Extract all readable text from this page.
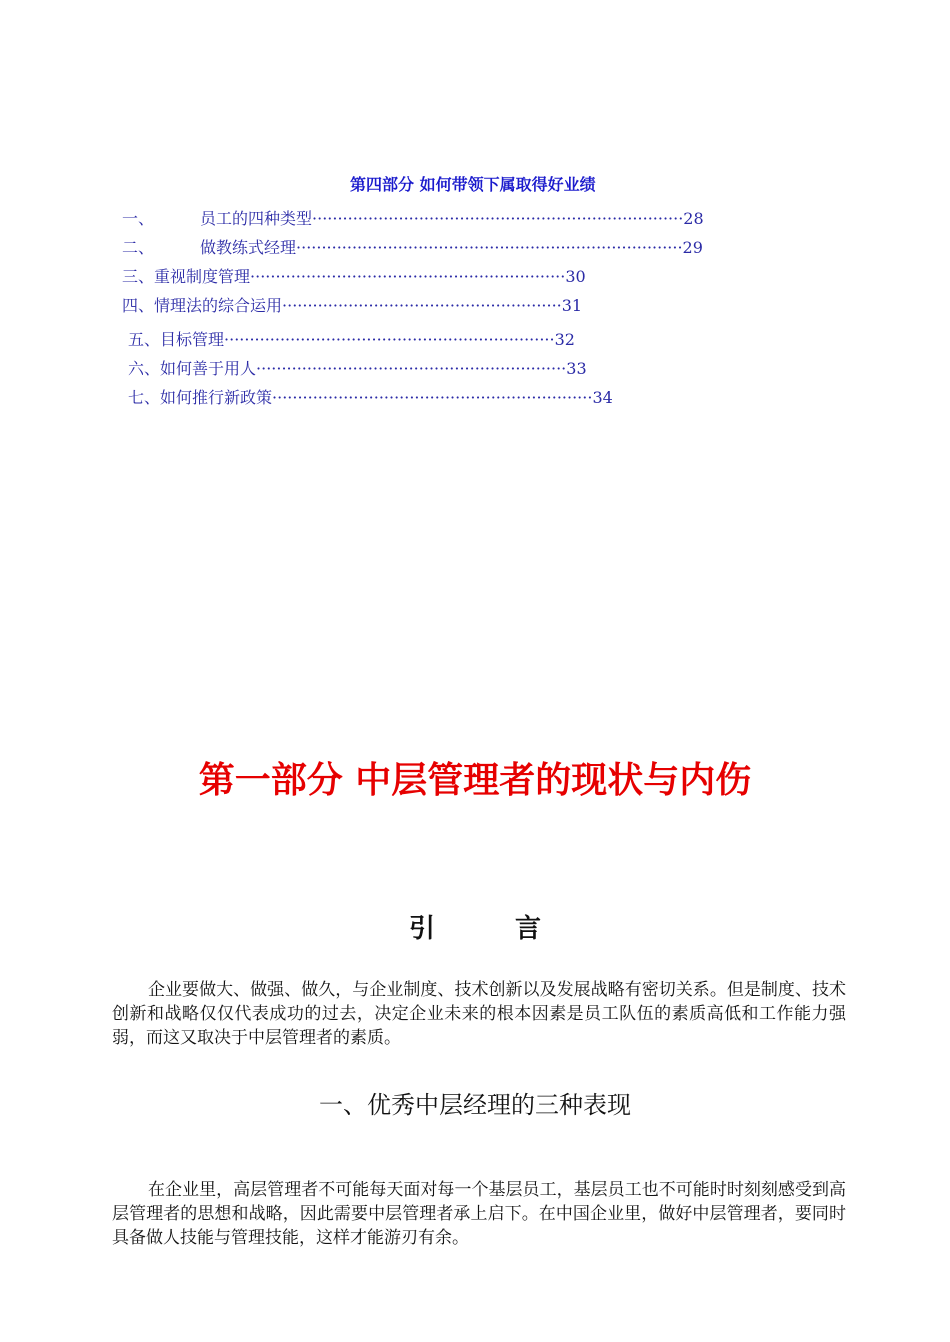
第四部分 如何带领下属取得好业绩
一、	员工的四种类型·········································································28
二、	做教练式经理············································································29
三、重视制度管理······························································30
四、情理法的综合运用·······················································31
五、目标管理·································································32
六、如何善于用人·····························································33
七、如何推行新政策·······························································34
第一部分 中层管理者的现状与内伤
引言

企业要做大、做强、做久，与企业制度、技术创新以及发展战略有密切关系。但是制度、技术创新和战略仅仅代表成功的过去，决定企业未来的根本因素是员工队伍的素质高低和工作能力强弱，而这又取决于中层管理者的素质。

一、优秀中层经理的三种表现

在企业里，高层管理者不可能每天面对每一个基层员工，基层员工也不可能时时刻刻感受到高层管理者的思想和战略，因此需要中层管理者承上启下。在中国企业里，做好中层管理者，要同时具备做人技能与管理技能，这样才能游刃有余。
